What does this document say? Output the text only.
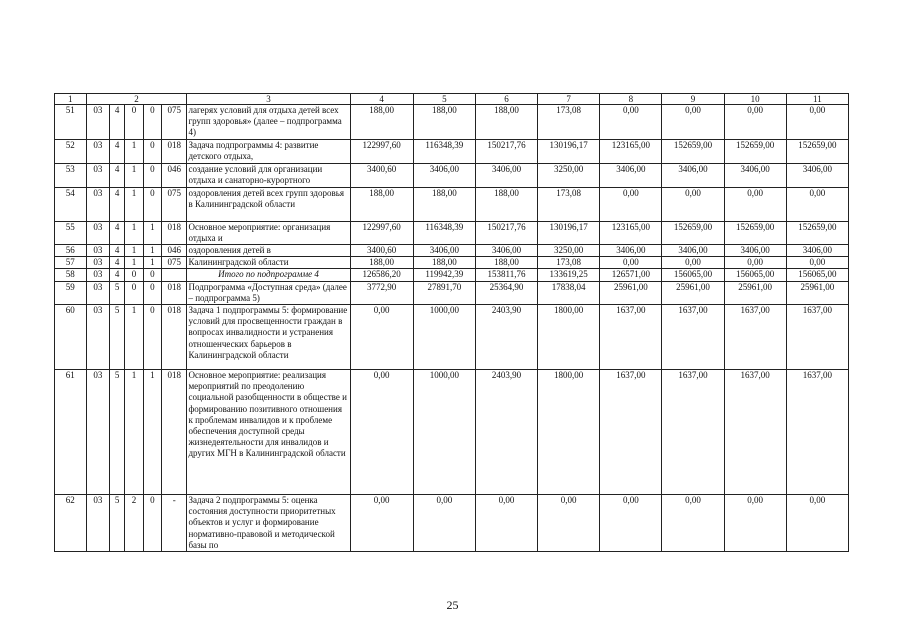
1	2					3	4	5	6	7	8	9	10	11
51	03	4	0	0	075	лагерях условий для отдыха детей всех групп здоровья» (далее – подпрограмма 4)	188,00	188,00	188,00	173,08	0,00	0,00	0,00	0,00
52	03	4	1	0	018	Задача подпрограммы 4: развитие детского отдыха,	122997,60	116348,39	150217,76	130196,17	123165,00	152659,00	152659,00	152659,00
53	03	4	1	0	046	создание условий для организации отдыха и санаторно-курортного	3400,60	3406,00	3406,00	3250,00	3406,00	3406,00	3406,00	3406,00
54	03	4	1	0	075	оздоровления детей всех групп здоровья в Калининградской области	188,00	188,00	188,00	173,08	0,00	0,00	0,00	0,00
55	03	4	1	1	018	Основное мероприятие: организация отдыха и	122997,60	116348,39	150217,76	130196,17	123165,00	152659,00	152659,00	152659,00
56	03	4	1	1	046	оздоровления детей в	3400,60	3406,00	3406,00	3250,00	3406,00	3406,00	3406,00	3406,00
57	03	4	1	1	075	Калининградской области	188,00	188,00	188,00	173,08	0,00	0,00	0,00	0,00
58	03	4	0	0		Итого по подпрограмме 4	126586,20	119942,39	153811,76	133619,25	126571,00	156065,00	156065,00	156065,00
59	03	5	0	0	018	Подпрограмма «Доступная среда» (далее – подпрограмма 5)	3772,90	27891,70	25364,90	17838,04	25961,00	25961,00	25961,00	25961,00
60	03	5	1	0	018	Задача 1 подпрограммы 5: формирование условий для просвещенности граждан в вопросах инвалидности и устранения отношенческих барьеров в Калининградской области	0,00	1000,00	2403,90	1800,00	1637,00	1637,00	1637,00	1637,00
61	03	5	1	1	018	Основное мероприятие: реализация мероприятий по преодолению социальной разобщенности в обществе и формированию позитивного отношения к проблемам инвалидов и к проблеме обеспечения доступной среды жизнедеятельности для инвалидов и других МГН в Калининградской области	0,00	1000,00	2403,90	1800,00	1637,00	1637,00	1637,00	1637,00
62	03	5	2	0	-	Задача 2 подпрограммы 5: оценка состояния доступности приоритетных объектов и услуг и формирование нормативно-правовой и методической базы по	0,00	0,00	0,00	0,00	0,00	0,00	0,00	0,00
25
